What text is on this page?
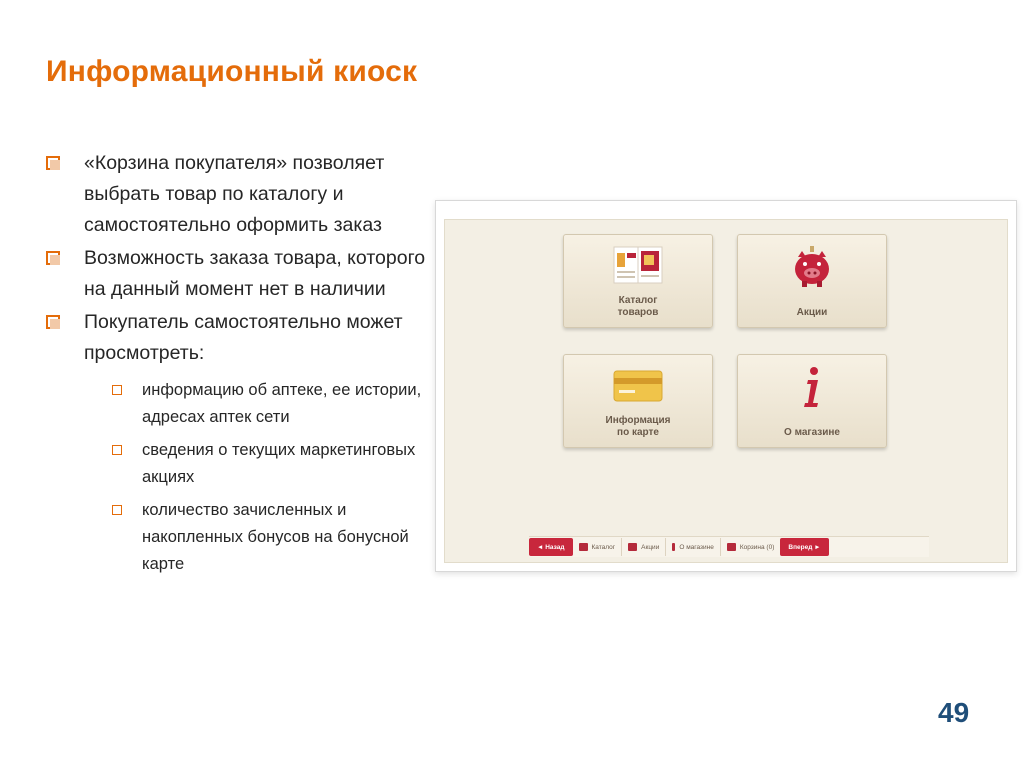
Информационный киоск
«Корзина покупателя» позволяет выбрать товар по каталогу и самостоятельно оформить заказ
Возможность заказа товара, которого на данный момент нет в наличии
Покупатель самостоятельно может просмотреть:
информацию об аптеке, ее истории, адресах аптек сети
сведения о текущих маркетинговых акциях
количество зачисленных и накопленных бонусов на бонусной карте
Каталог
товаров	Акции
Информация
по карте	О магазине
◄ Назад	Каталог	Акции	О магазине	Корзина (0)	Вперед ►
49
